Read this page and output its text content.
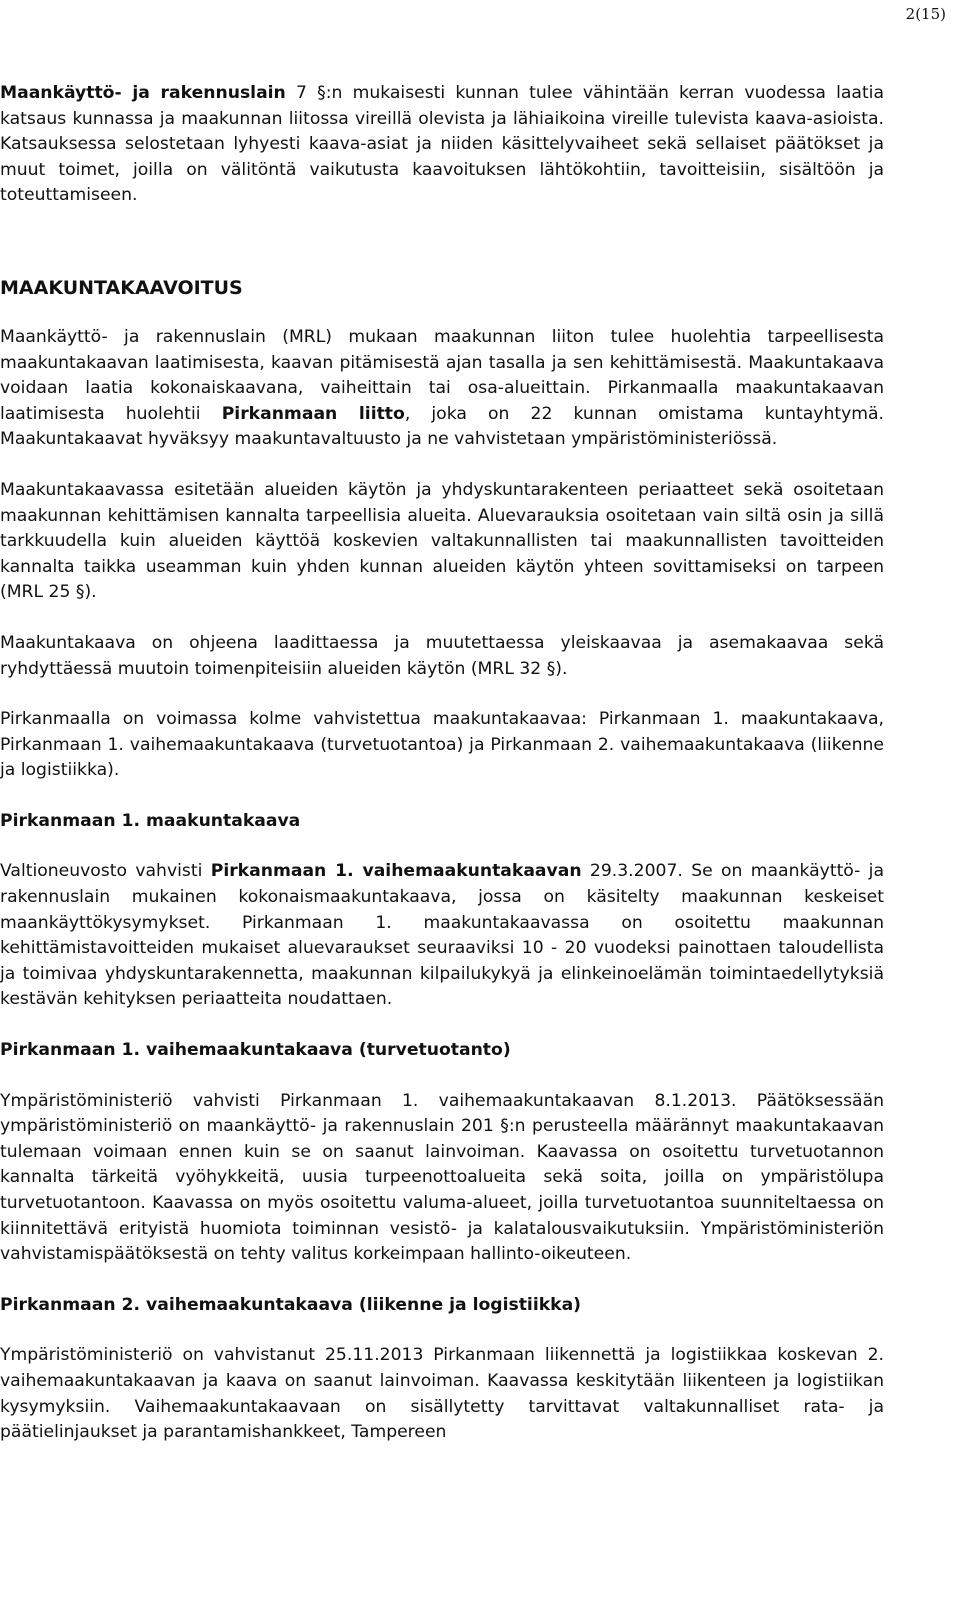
2(15)

Maankäyttö- ja rakennuslain 7 §:n mukaisesti kunnan tulee vähintään kerran vuodessa laatia katsaus kunnassa ja maakunnan liitossa vireillä olevista ja lähiaikoina vireille tulevista kaava-asioista. Katsauksessa selostetaan lyhyesti kaava-asiat ja niiden käsittelyvaiheet sekä sellaiset päätökset ja muut toimet, joilla on välitöntä vaikutusta kaavoituksen lähtökohtiin, tavoitteisiin, sisältöön ja toteuttamiseen.

MAAKUNTAKAAVOITUS

Maankäyttö- ja rakennuslain (MRL) mukaan maakunnan liiton tulee huolehtia tarpeellisesta maakuntakaavan laatimisesta, kaavan pitämisestä ajan tasalla ja sen kehittämisestä. Maakuntakaava voidaan laatia kokonaiskaavana, vaiheittain tai osa-alueittain. Pirkanmaalla maakuntakaavan laatimisesta huolehtii Pirkanmaan liitto, joka on 22 kunnan omistama kuntayhtymä. Maakuntakaavat hyväksyy maakuntavaltuusto ja ne vahvistetaan ympäristöministeriössä.

Maakuntakaavassa esitetään alueiden käytön ja yhdyskuntarakenteen periaatteet sekä osoitetaan maakunnan kehittämisen kannalta tarpeellisia alueita. Aluevarauksia osoitetaan vain siltä osin ja sillä tarkkuudella kuin alueiden käyttöä koskevien valtakunnallisten tai maakunnallisten tavoitteiden kannalta taikka useamman kuin yhden kunnan alueiden käytön yhteen sovittamiseksi on tarpeen (MRL 25 §).

Maakuntakaava on ohjeena laadittaessa ja muutettaessa yleiskaavaa ja asemakaavaa sekä ryhdyttäessä muutoin toimenpiteisiin alueiden käytön (MRL 32 §).

Pirkanmaalla on voimassa kolme vahvistettua maakuntakaavaa: Pirkanmaan 1. maakuntakaava, Pirkanmaan 1. vaihemaakuntakaava (turvetuotantoa) ja Pirkanmaan 2. vaihemaakuntakaava (liikenne ja logistiikka).

Pirkanmaan 1. maakuntakaava

Valtioneuvosto vahvisti Pirkanmaan 1. vaihemaakuntakaavan 29.3.2007. Se on maankäyttö- ja rakennuslain mukainen kokonaismaakuntakaava, jossa on käsitelty maakunnan keskeiset maankäyttökysymykset. Pirkanmaan 1. maakuntakaavassa on osoitettu maakunnan kehittämistavoitteiden mukaiset aluevaraukset seuraaviksi 10 - 20 vuodeksi painottaen taloudellista ja toimivaa yhdyskuntarakennetta, maakunnan kilpailukykyä ja elinkeinoelämän toimintaedellytyksiä kestävän kehityksen periaatteita noudattaen.

Pirkanmaan 1. vaihemaakuntakaava (turvetuotanto)

Ympäristöministeriö vahvisti Pirkanmaan 1. vaihemaakuntakaavan 8.1.2013. Päätöksessään ympäristöministeriö on maankäyttö- ja rakennuslain 201 §:n perusteella määrännyt maakuntakaavan tulemaan voimaan ennen kuin se on saanut lainvoiman. Kaavassa on osoitettu turvetuotannon kannalta tärkeitä vyöhykkeitä, uusia turpeenottoalueita sekä soita, joilla on ympäristölupa turvetuotantoon. Kaavassa on myös osoitettu valuma-alueet, joilla turvetuotantoa suunniteltaessa on kiinnitettävä erityistä huomiota toiminnan vesistö- ja kalatalousvaikutuksiin. Ympäristöministeriön vahvistamispäätöksestä on tehty valitus korkeimpaan hallinto-oikeuteen.

Pirkanmaan 2. vaihemaakuntakaava (liikenne ja logistiikka)

Ympäristöministeriö on vahvistanut 25.11.2013 Pirkanmaan liikennettä ja logistiikkaa koskevan 2. vaihemaakuntakaavan ja kaava on saanut lainvoiman. Kaavassa keskitytään liikenteen ja logistiikan kysymyksiin. Vaihemaakuntakaavaan on sisällytetty tarvittavat valtakunnalliset rata- ja päätielinjaukset ja parantamishankkeet, Tampereen
